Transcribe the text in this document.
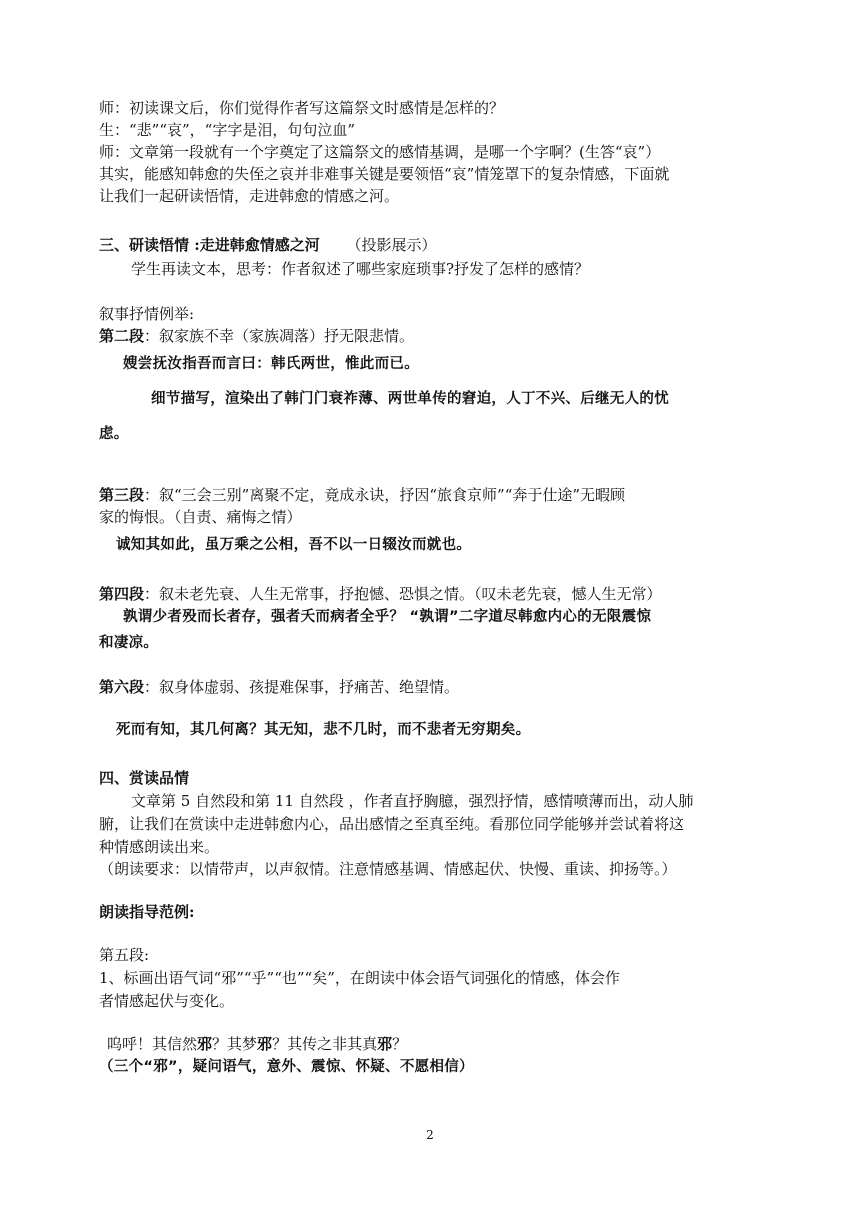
师：初读课文后，你们觉得作者写这篇祭文时感情是怎样的？
生：“悲”“哀”，“字字是泪，句句泣血”
师：文章第一段就有一个字奠定了这篇祭文的感情基调，是哪一个字啊？(生答“哀”）
其实，能感知韩愈的失侄之哀并非难事关键是要领悟“哀”情笼罩下的复杂情感，下面就
让我们一起研读悟情，走进韩愈的情感之河。
三、研读悟情 :走进韩愈情感之河 （投影展示）
学生再读文本，思考：作者叙述了哪些家庭琐事?抒发了怎样的感情？
叙事抒情例举:
第二段：叙家族不幸（家族凋落）抒无限悲情。
嫂尝抚汝指吾而言曰：韩氏两世，惟此而已。
细节描写，渲染出了韩门门衰祚薄、两世单传的窘迫，人丁不兴、后继无人的忧
虑。
第三段：叙“三会三别”离聚不定，竟成永诀，抒因“旅食京师”“奔于仕途”无暇顾
家的悔恨。（自责、痛悔之情）
诚知其如此，虽万乘之公相，吾不以一日辍汝而就也。
第四段：叙未老先衰、人生无常事，抒抱憾、恐惧之情。（叹未老先衰，憾人生无常）
孰谓少者殁而长者存，强者夭而病者全乎？ “孰谓”二字道尽韩愈内心的无限震惊
和凄凉。
第六段：叙身体虚弱、孩提难保事，抒痛苦、绝望情。
死而有知，其几何离？其无知，悲不几时，而不悲者无穷期矣。
四、赏读品情
文章第 5 自然段和第 11 自然段 ，作者直抒胸臆，强烈抒情，感情喷薄而出，动人肺
腑，让我们在赏读中走进韩愈内心，品出感情之至真至纯。看那位同学能够并尝试着将这
种情感朗读出来。
（朗读要求：以情带声，以声叙情。注意情感基调、情感起伏、快慢、重读、抑扬等。）
朗读指导范例:
第五段:
1、标画出语气词“邪”“乎”“也”“矣”，在朗读中体会语气词强化的情感，体会作
者情感起伏与变化。
呜呼！其信然邪？其梦邪？其传之非其真邪？
（三个“邪”，疑问语气，意外、震惊、怀疑、不愿相信）
2
